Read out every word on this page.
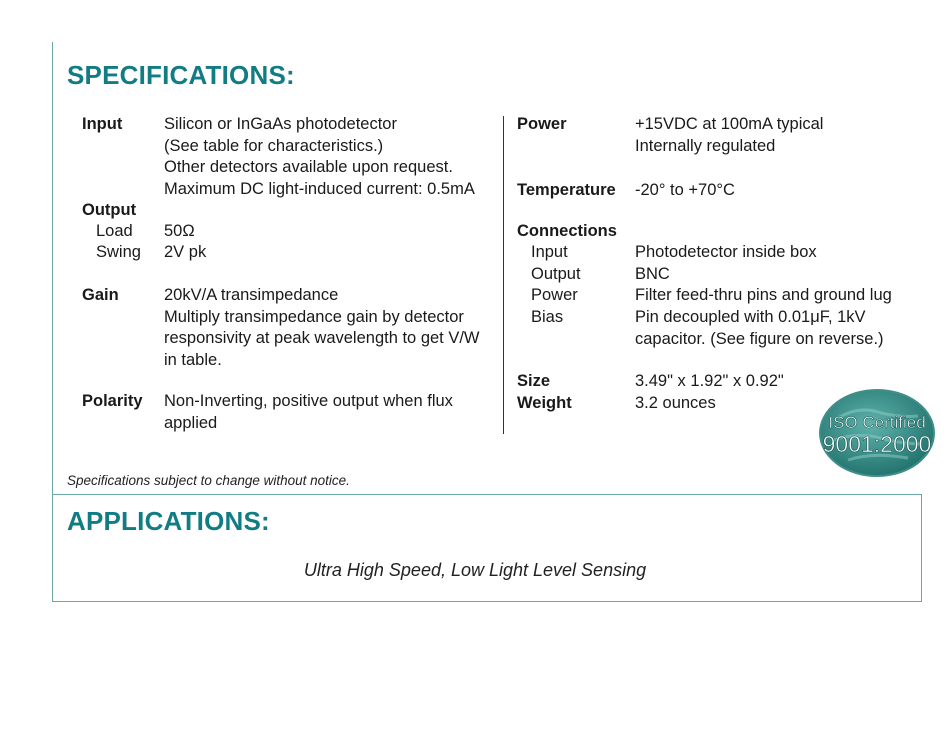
SPECIFICATIONS:
Input	Silicon or InGaAs photodetector
(See table for characteristics.)
Other detectors available upon request.
Maximum DC light-induced current: 0.5mA
Output
Load 50Ω
Swing 2V pk
Gain	20kV/A transimpedance
Multiply transimpedance gain by detector
responsivity at peak wavelength to get V/W
in table.
Polarity Non-Inverting, positive output when flux
applied
Power	+15VDC at 100mA typical
Internally regulated
Temperature -20° to +70°C
Connections
Input	Photodetector inside box
Output	BNC
Power	Filter feed-thru pins and ground lug
Bias	Pin decoupled with 0.01μF, 1kV
capacitor. (See figure on reverse.)
Size	3.49" x 1.92" x 0.92"
Weight	3.2 ounces
ISO Certified
9001:2000
Specifications subject to change without notice.
APPLICATIONS:
Ultra High Speed, Low Light Level Sensing
